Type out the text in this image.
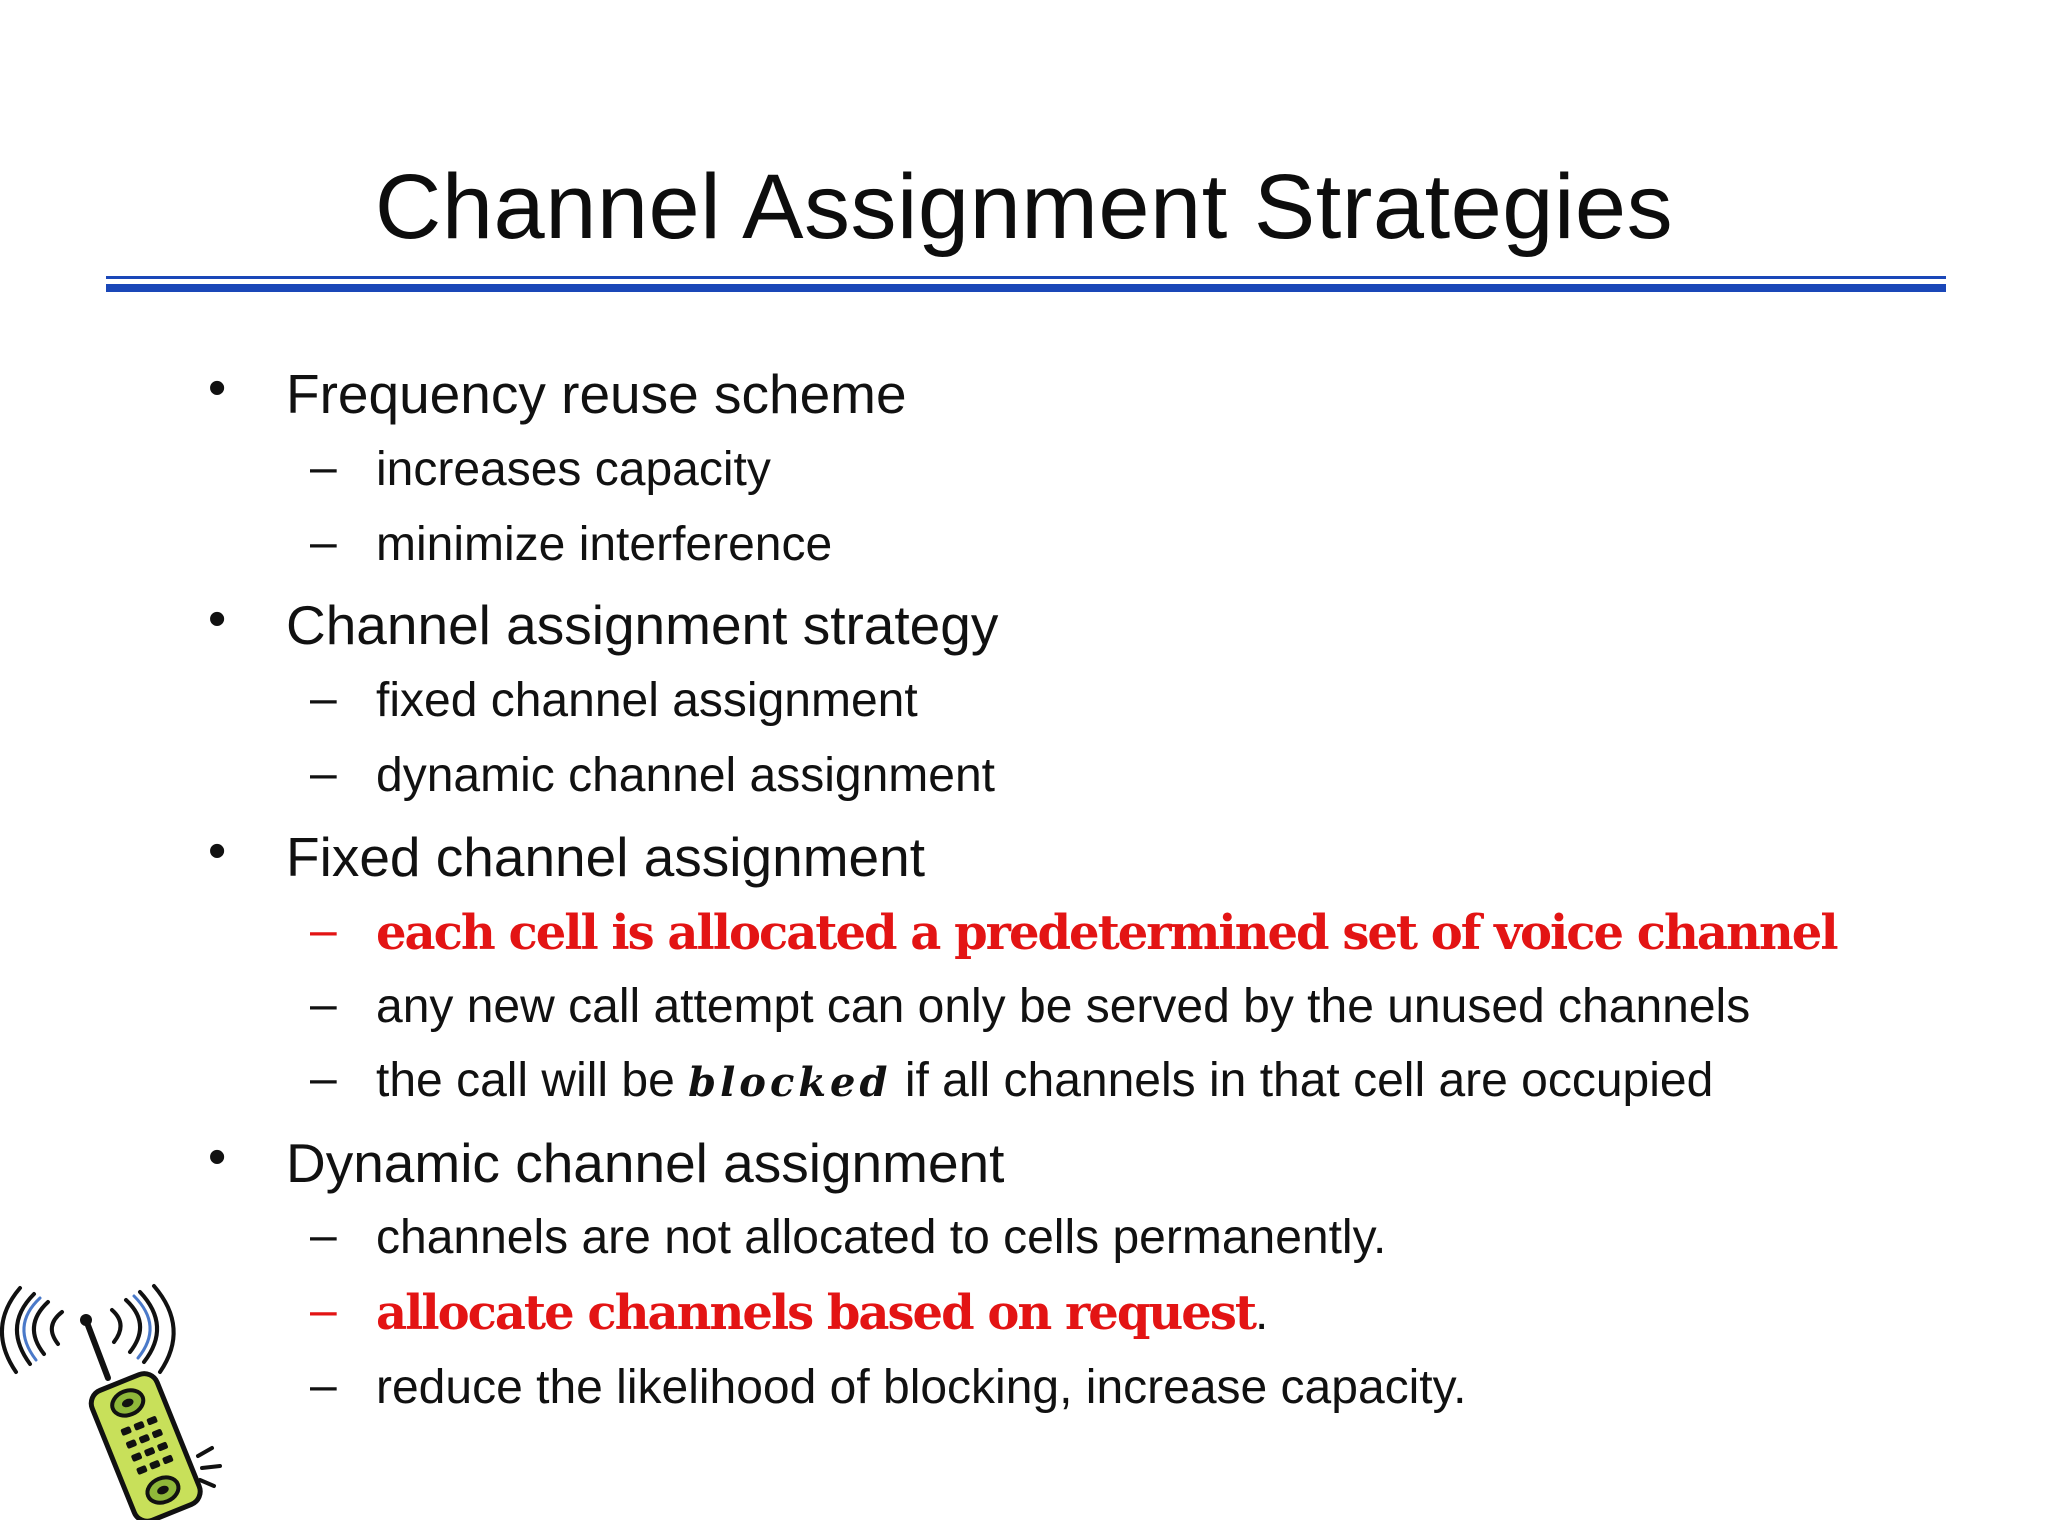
Channel Assignment Strategies
• Frequency reuse scheme
– increases capacity
– minimize interference
• Channel assignment strategy
– fixed channel assignment
– dynamic channel assignment
• Fixed channel assignment
– each cell is allocated a predetermined set of voice channel
– any new call attempt can only be served by the unused channels
– the call will be blocked if all channels in that cell are occupied
• Dynamic channel assignment
– channels are not allocated to cells permanently.
– allocate channels based on request.
– reduce the likelihood of blocking, increase capacity.
